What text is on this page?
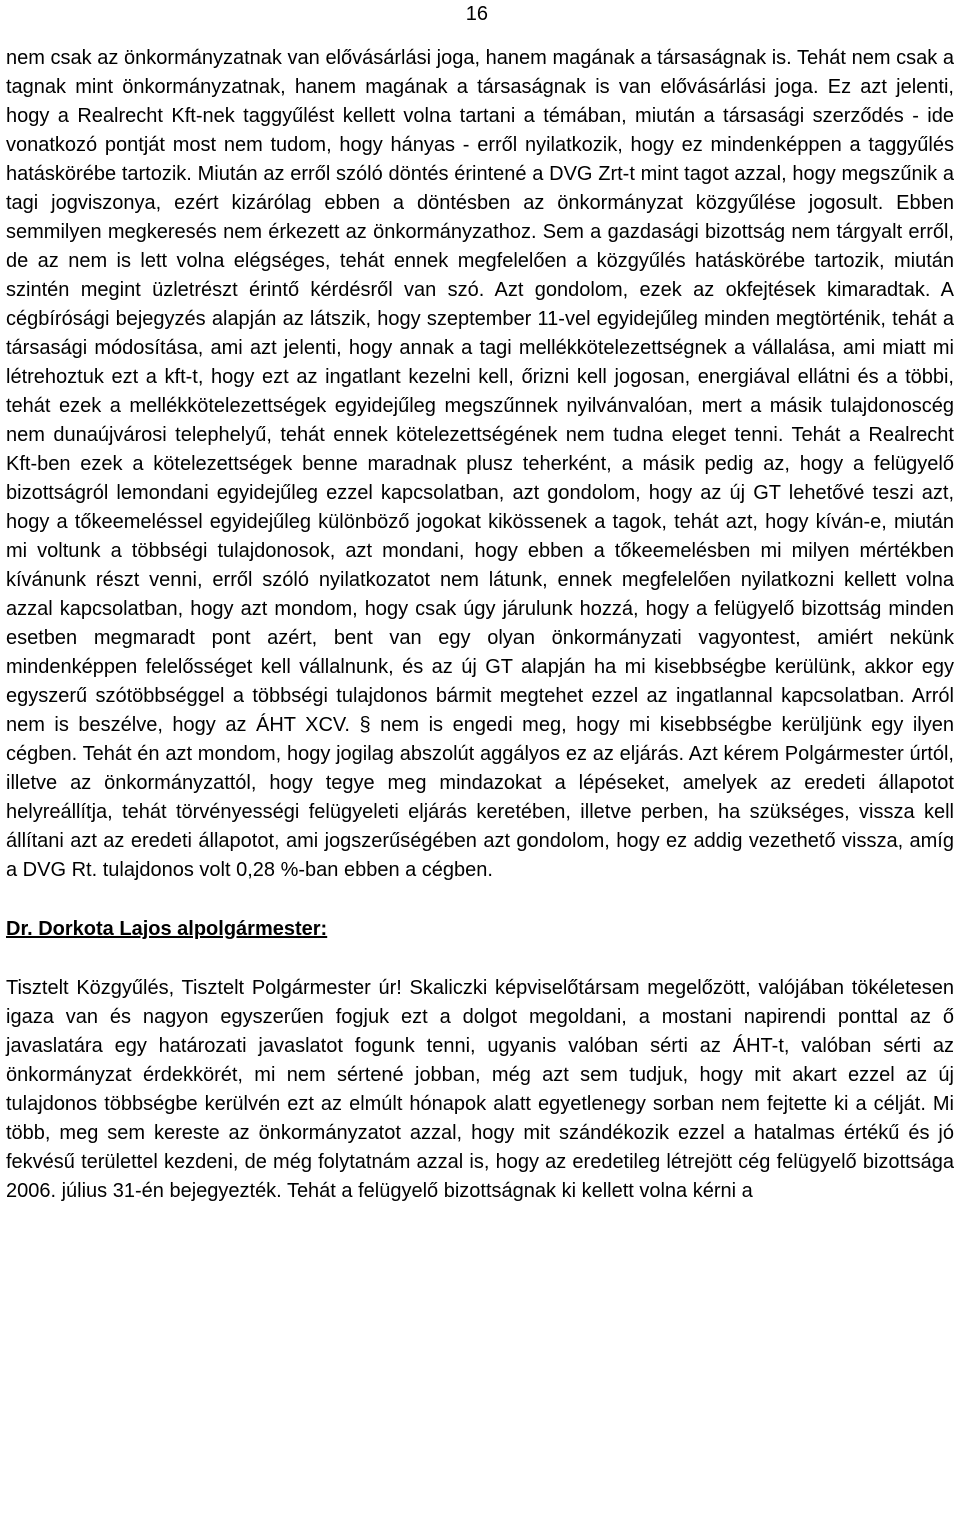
16

nem csak az önkormányzatnak van elővásárlási joga, hanem magának a társaságnak is. Tehát nem csak a tagnak mint önkormányzatnak, hanem magának a társaságnak is van elővásárlási joga. Ez azt jelenti, hogy a Realrecht Kft-nek taggyűlést kellett volna tartani a témában, miután a társasági szerződés - ide vonatkozó pontját most nem tudom, hogy hányas - erről nyilatkozik, hogy ez mindenképpen a taggyűlés hatáskörébe tartozik. Miután az erről szóló döntés érintené a DVG Zrt-t mint tagot azzal, hogy megszűnik a tagi jogviszonya, ezért kizárólag ebben a döntésben az önkormányzat közgyűlése jogosult. Ebben semmilyen megkeresés nem érkezett az önkormányzathoz. Sem a gazdasági bizottság nem tárgyalt erről, de az nem is lett volna elégséges, tehát ennek megfelelően a közgyűlés hatáskörébe tartozik, miután szintén megint üzletrészt érintő kérdésről van szó. Azt gondolom, ezek az okfejtések kimaradtak. A cégbírósági bejegyzés alapján az látszik, hogy szeptember 11-vel egyidejűleg minden megtörténik, tehát a társasági módosítása, ami azt jelenti, hogy annak a tagi mellékkötelezettségnek a vállalása, ami miatt mi létrehoztuk ezt a kft-t, hogy ezt az ingatlant kezelni kell, őrizni kell jogosan, energiával ellátni és a többi, tehát ezek a mellékkötelezettségek egyidejűleg megszűnnek nyilvánvalóan, mert a másik tulajdonoscég nem dunaújvárosi telephelyű, tehát ennek kötelezettségének nem tudna eleget tenni. Tehát a Realrecht Kft-ben ezek a kötelezettségek benne maradnak plusz teherként, a másik pedig az, hogy a felügyelő bizottságról lemondani egyidejűleg ezzel kapcsolatban, azt gondolom, hogy az új GT lehetővé teszi azt, hogy a tőkeemeléssel egyidejűleg különböző jogokat kikössenek a tagok, tehát azt, hogy kíván-e, miután mi voltunk a többségi tulajdonosok, azt mondani, hogy ebben a tőkeemelésben mi milyen mértékben kívánunk részt venni, erről szóló nyilatkozatot nem látunk, ennek megfelelően nyilatkozni kellett volna azzal kapcsolatban, hogy azt mondom, hogy csak úgy járulunk hozzá, hogy a felügyelő bizottság minden esetben megmaradt pont azért, bent van egy olyan önkormányzati vagyontest, amiért nekünk mindenképpen felelősséget kell vállalnunk, és az új GT alapján ha mi kisebbségbe kerülünk, akkor egy egyszerű szótöbbséggel a többségi tulajdonos bármit megtehet ezzel az ingatlannal kapcsolatban. Arról nem is beszélve, hogy az ÁHT XCV. § nem is engedi meg, hogy mi kisebbségbe kerüljünk egy ilyen cégben. Tehát én azt mondom, hogy jogilag abszolút aggályos ez az eljárás. Azt kérem Polgármester úrtól, illetve az önkormányzattól, hogy tegye meg mindazokat a lépéseket, amelyek az eredeti állapotot helyreállítja, tehát törvényességi felügyeleti eljárás keretében, illetve perben, ha szükséges, vissza kell állítani azt az eredeti állapotot, ami jogszerűségében azt gondolom, hogy ez addig vezethető vissza, amíg a DVG Rt. tulajdonos volt 0,28 %-ban ebben a cégben.

Dr. Dorkota Lajos alpolgármester:

Tisztelt Közgyűlés, Tisztelt Polgármester úr! Skaliczki képviselőtársam megelőzött, valójában tökéletesen igaza van és nagyon egyszerűen fogjuk ezt a dolgot megoldani, a mostani napirendi ponttal az ő javaslatára egy határozati javaslatot fogunk tenni, ugyanis valóban sérti az ÁHT-t, valóban sérti az önkormányzat érdekkörét, mi nem sértené jobban, még azt sem tudjuk, hogy mit akart ezzel az új tulajdonos többségbe kerülvén ezt az elmúlt hónapok alatt egyetlenegy sorban nem fejtette ki a célját. Mi több, meg sem kereste az önkormányzatot azzal, hogy mit szándékozik ezzel a hatalmas értékű és jó fekvésű területtel kezdeni, de még folytatnám azzal is, hogy az eredetileg létrejött cég felügyelő bizottsága 2006. július 31-én bejegyezték. Tehát a felügyelő bizottságnak ki kellett volna kérni a
